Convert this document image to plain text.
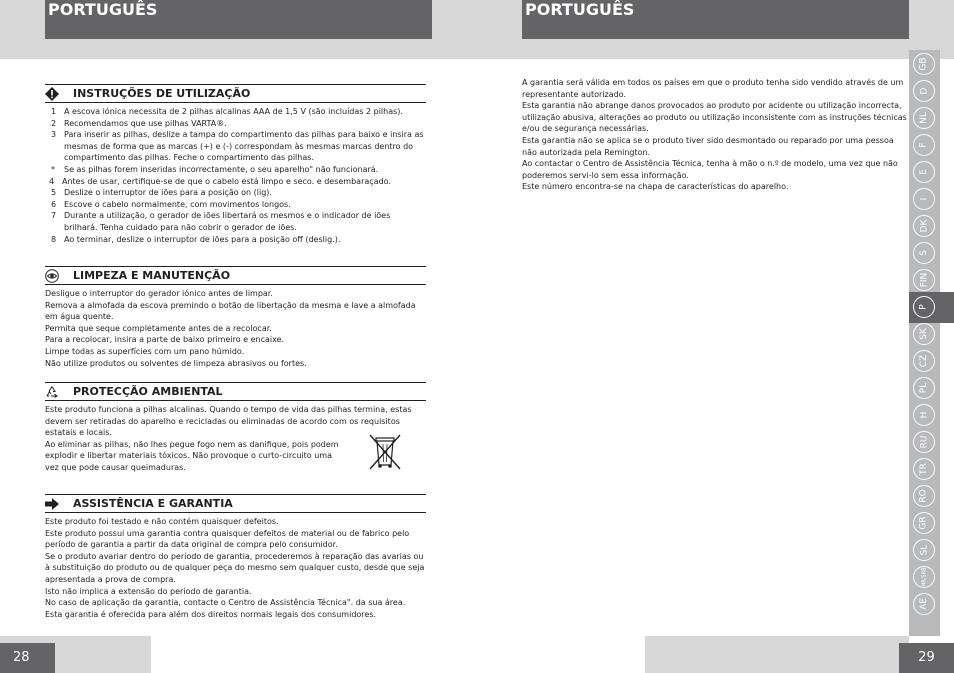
PORTUGUÊS
INSTRUÇÕES DE UTILIZAÇÃO
1 A escova iónica necessita de 2 pilhas alcalinas AAA de 1,5 V (são incluídas 2 pilhas).
2 Recomendamos que use pilhas VARTA®.
3 Para inserir as pilhas, deslize a tampa do compartimento das pilhas para baixo e insira as mesmas de forma que as marcas (+) e (-) correspondam às mesmas marcas dentro do compartimento das pilhas. Feche o compartimento das pilhas.
* Se as pilhas forem inseridas incorrectamente, o seu aparelho" não funcionará.
4 Antes de usar, certifique-se de que o cabelo está limpo e seco. e desembaraçado.
5 Deslize o interruptor de iões para a posição on (lig).
6 Escove o cabelo normalmente, com movimentos longos.
7 Durante a utilização, o gerador de iões libertará os mesmos e o indicador de iões brilhará. Tenha cuidado para não cobrir o gerador de iões.
8 Ao terminar, deslize o interruptor de iões para a posição off (deslig.).
LIMPEZA E MANUTENÇÃO
Desligue o interruptor do gerador iónico antes de limpar.
Remova a almofada da escova premindo o botão de libertação da mesma e lave a almofada em água quente.
Permita que seque completamente antes de a recolocar.
Para a recolocar, insira a parte de baixo primeiro e encaixe.
Limpe todas as superfícies com um pano húmido.
Não utilize produtos ou solventes de limpeza abrasivos ou fortes.
PROTECÇÃO AMBIENTAL
Este produto funciona a pilhas alcalinas. Quando o tempo de vida das pilhas termina, estas devem ser retiradas do aparelho e recicladas ou eliminadas de acordo com os requisitos estatais e locais.
Ao eliminar as pilhas, não lhes pegue fogo nem as danifique, pois podem explodir e libertar materiais tóxicos. Não provoque o curto-circuito uma vez que pode causar queimaduras.
ASSISTÊNCIA E GARANTIA
Este produto foi testado e não contém quaisquer defeitos.
Este produto possui uma garantia contra quaisquer defeitos de material ou de fabrico pelo período de garantia a partir da data original de compra pelo consumidor.
Se o produto avariar dentro do período de garantia, procederemos à reparação das avarias ou à substituição do produto ou de qualquer peça do mesmo sem qualquer custo, desde que seja apresentada a prova de compra.
Isto não implica a extensão do período de garantia.
No caso de aplicação da garantia, contacte o Centro de Assistência Técnica". da sua área.
Esta garantia é oferecida para além dos direitos normais legais dos consumidores.
28
PORTUGUÊS
A garantia será válida em todos os países em que o produto tenha sido vendido através de um representante autorizado.
Esta garantia não abrange danos provocados ao produto por acidente ou utilização incorrecta, utilização abusiva, alterações ao produto ou utilização inconsistente com as instruções técnicas e/ou de segurança necessárias.
Esta garantia não se aplica se o produto tiver sido desmontado ou reparado por uma pessoa não autorizada pela Remington.
Ao contactar o Centro de Assistência Técnica, tenha à mão o n.º de modelo, uma vez que não poderemos servi-lo sem essa informação.
Este número encontra-se na chapa de características do aparelho.
GB
D
NL
F
E
I
DK
S
FIN
SK
CZ
PL
H
RU
TR
RO
GR
SL
HR/SRB
AE
29
P
